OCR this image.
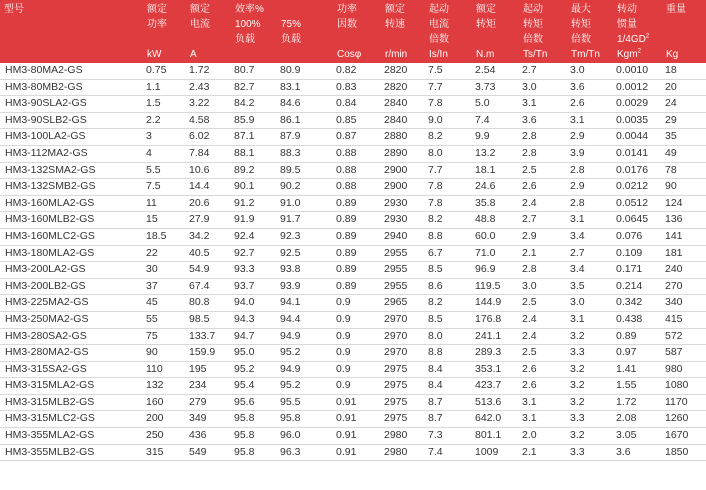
型号	额定	额定	效率%		功率	额定	起动	额定	起动	最大	转动	重量
	功率	电流	100%	75%	因数	转速	电流	转矩	转矩	转矩	惯量	
			负载	负载			倍数		倍数	倍数	$1/4GD^2$	
	kW	A			Cosφ	r/min	Is/In	N.m	Ts/Tn	Tm/Tn	Kgm$^2$	Kg
HM3-80MA2-GS	0.75	1.72	80.7	80.9	0.82	2820	7.5	2.54	2.7	3.0	0.0010	18
HM3-80MB2-GS	1.1	2.43	82.7	83.1	0.83	2820	7.7	3.73	3.0	3.6	0.0012	20
HM3-90SLA2-GS	1.5	3.22	84.2	84.6	0.84	2840	7.8	5.0	3.1	2.6	0.0029	24
HM3-90SLB2-GS	2.2	4.58	85.9	86.1	0.85	2840	9.0	7.4	3.6	3.1	0.0035	29
HM3-100LA2-GS	3	6.02	87.1	87.9	0.87	2880	8.2	9.9	2.8	2.9	0.0044	35
HM3-112MA2-GS	4	7.84	88.1	88.3	0.88	2890	8.0	13.2	2.8	3.9	0.0141	49
HM3-132SMA2-GS	5.5	10.6	89.2	89.5	0.88	2900	7.7	18.1	2.5	2.8	0.0176	78
HM3-132SMB2-GS	7.5	14.4	90.1	90.2	0.88	2900	7.8	24.6	2.6	2.9	0.0212	90
HM3-160MLA2-GS	11	20.6	91.2	91.0	0.89	2930	7.8	35.8	2.4	2.8	0.0512	124
HM3-160MLB2-GS	15	27.9	91.9	91.7	0.89	2930	8.2	48.8	2.7	3.1	0.0645	136
HM3-160MLC2-GS	18.5	34.2	92.4	92.3	0.89	2940	8.8	60.0	2.9	3.4	0.076	141
HM3-180MLA2-GS	22	40.5	92.7	92.5	0.89	2955	6.7	71.0	2.1	2.7	0.109	181
HM3-200LA2-GS	30	54.9	93.3	93.8	0.89	2955	8.5	96.9	2.8	3.4	0.171	240
HM3-200LB2-GS	37	67.4	93.7	93.9	0.89	2955	8.6	119.5	3.0	3.5	0.214	270
HM3-225MA2-GS	45	80.8	94.0	94.1	0.9	2965	8.2	144.9	2.5	3.0	0.342	340
HM3-250MA2-GS	55	98.5	94.3	94.4	0.9	2970	8.5	176.8	2.4	3.1	0.438	415
HM3-280SA2-GS	75	133.7	94.7	94.9	0.9	2970	8.0	241.1	2.4	3.2	0.89	572
HM3-280MA2-GS	90	159.9	95.0	95.2	0.9	2970	8.8	289.3	2.5	3.3	0.97	587
HM3-315SA2-GS	110	195	95.2	94.9	0.9	2975	8.4	353.1	2.6	3.2	1.41	980
HM3-315MLA2-GS	132	234	95.4	95.2	0.9	2975	8.4	423.7	2.6	3.2	1.55	1080
HM3-315MLB2-GS	160	279	95.6	95.5	0.91	2975	8.7	513.6	3.1	3.2	1.72	1170
HM3-315MLC2-GS	200	349	95.8	95.8	0.91	2975	8.7	642.0	3.1	3.3	2.08	1260
HM3-355MLA2-GS	250	436	95.8	96.0	0.91	2980	7.3	801.1	2.0	3.2	3.05	1670
HM3-355MLB2-GS	315	549	95.8	96.3	0.91	2980	7.4	1009	2.1	3.3	3.6	1850
